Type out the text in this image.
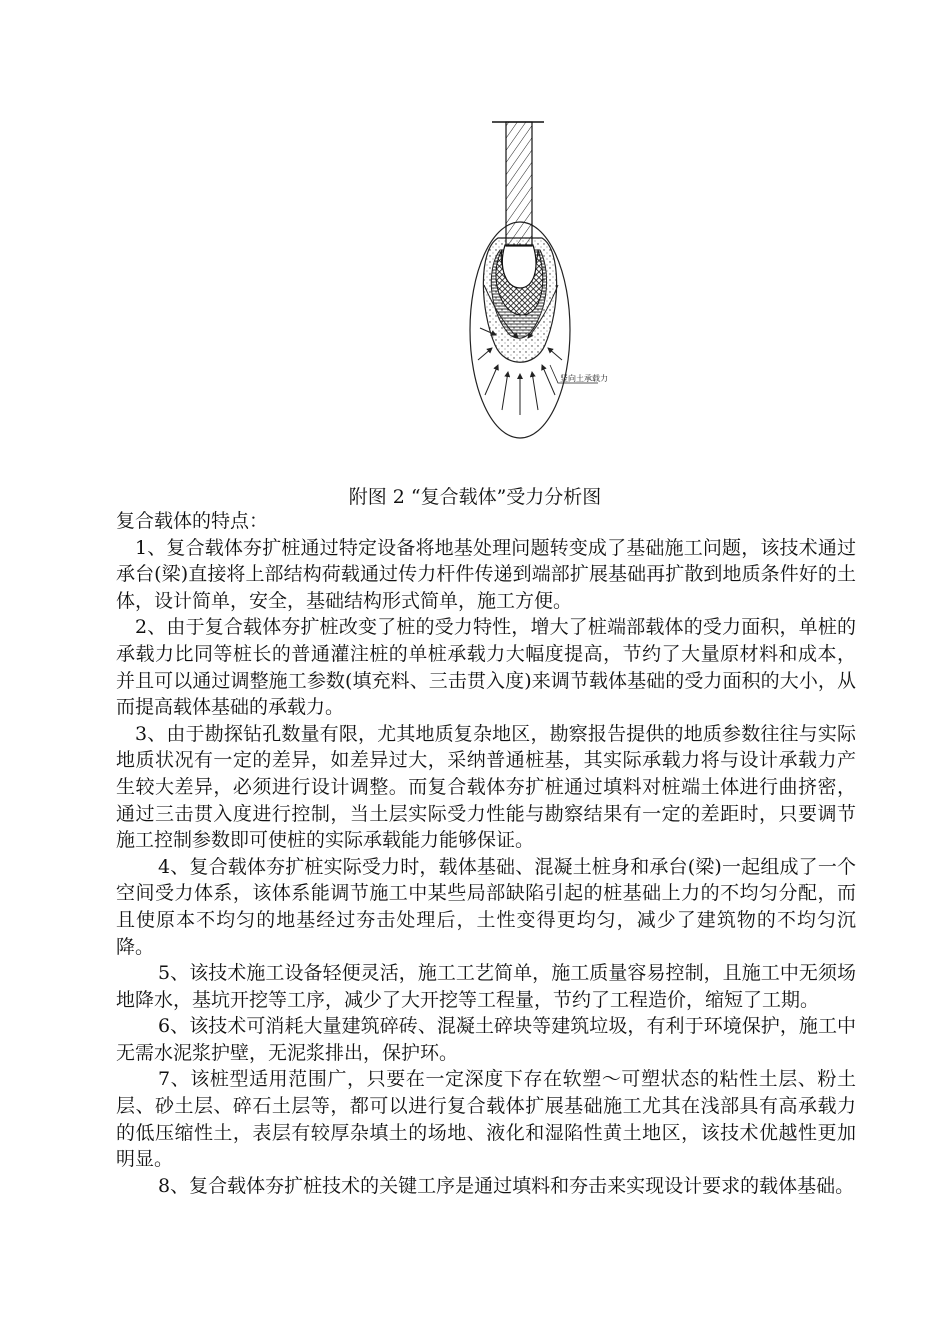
竖向土承载力
附图 2 “复合载体”受力分析图

复合载体的特点：

1、复合载体夯扩桩通过特定设备将地基处理问题转变成了基础施工问题，该技术通过承台(梁)直接将上部结构荷载通过传力杆件传递到端部扩展基础再扩散到地质条件好的土体，设计简单，安全，基础结构形式简单，施工方便。

2、由于复合载体夯扩桩改变了桩的受力特性，增大了桩端部载体的受力面积，单桩的承载力比同等桩长的普通灌注桩的单桩承载力大幅度提高，节约了大量原材料和成本，并且可以通过调整施工参数(填充料、三击贯入度)来调节载体基础的受力面积的大小，从而提高载体基础的承载力。

3、由于勘探钻孔数量有限，尤其地质复杂地区，勘察报告提供的地质参数往往与实际地质状况有一定的差异，如差异过大，采纳普通桩基，其实际承载力将与设计承载力产生较大差异，必须进行设计调整。而复合载体夯扩桩通过填料对桩端土体进行曲挤密，通过三击贯入度进行控制，当土层实际受力性能与勘察结果有一定的差距时，只要调节施工控制参数即可使桩的实际承载能力能够保证。

4、复合载体夯扩桩实际受力时，载体基础、混凝土桩身和承台(梁)一起组成了一个空间受力体系，该体系能调节施工中某些局部缺陷引起的桩基础上力的不均匀分配，而且使原本不均匀的地基经过夯击处理后，土性变得更均匀，减少了建筑物的不均匀沉降。

5、该技术施工设备轻便灵活，施工工艺简单，施工质量容易控制，且施工中无须场地降水，基坑开挖等工序，减少了大开挖等工程量，节约了工程造价，缩短了工期。

6、该技术可消耗大量建筑碎砖、混凝土碎块等建筑垃圾，有利于环境保护，施工中无需水泥浆护壁，无泥浆排出，保护环。

7、该桩型适用范围广，只要在一定深度下存在软塑～可塑状态的粘性土层、粉土层、砂土层、碎石土层等，都可以进行复合载体扩展基础施工尤其在浅部具有高承载力的低压缩性土，表层有较厚杂填土的场地、液化和湿陷性黄土地区，该技术优越性更加明显。

8、复合载体夯扩桩技术的关键工序是通过填料和夯击来实现设计要求的载体基础。
